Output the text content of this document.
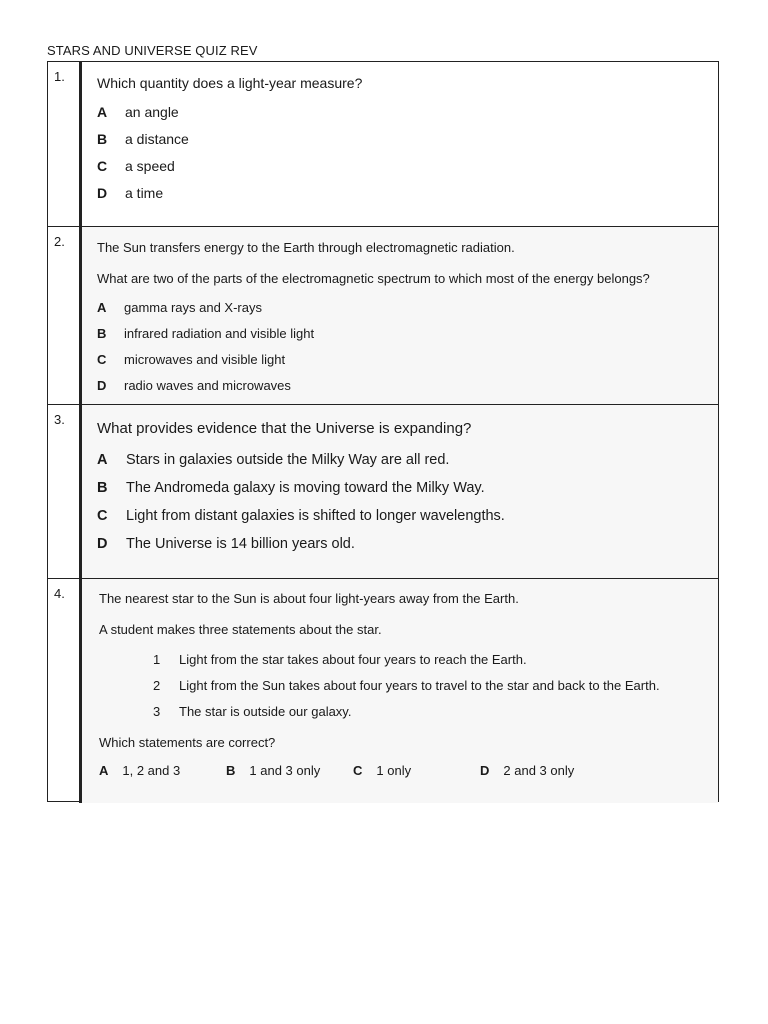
STARS AND UNIVERSE QUIZ REV
1. Which quantity does a light-year measure?
A an angle
B a distance
C a speed
D a time
2. The Sun transfers energy to the Earth through electromagnetic radiation.
What are two of the parts of the electromagnetic spectrum to which most of the energy belongs?
A gamma rays and X-rays
B infrared radiation and visible light
C microwaves and visible light
D radio waves and microwaves
3.
What provides evidence that the Universe is expanding?
A Stars in galaxies outside the Milky Way are all red.
B The Andromeda galaxy is moving toward the Milky Way.
C Light from distant galaxies is shifted to longer wavelengths.
D The Universe is 14 billion years old.
4.	The nearest star to the Sun is about four light-years away from the Earth.
A student makes three statements about the star.
1 Light from the star takes about four years to reach the Earth.
2 Light from the Sun takes about four years to travel to the star and back to the Earth.
3 The star is outside our galaxy.
Which statements are correct?
A 1, 2 and 3	B 1 and 3 only	C 1 only	D 2 and 3 only
